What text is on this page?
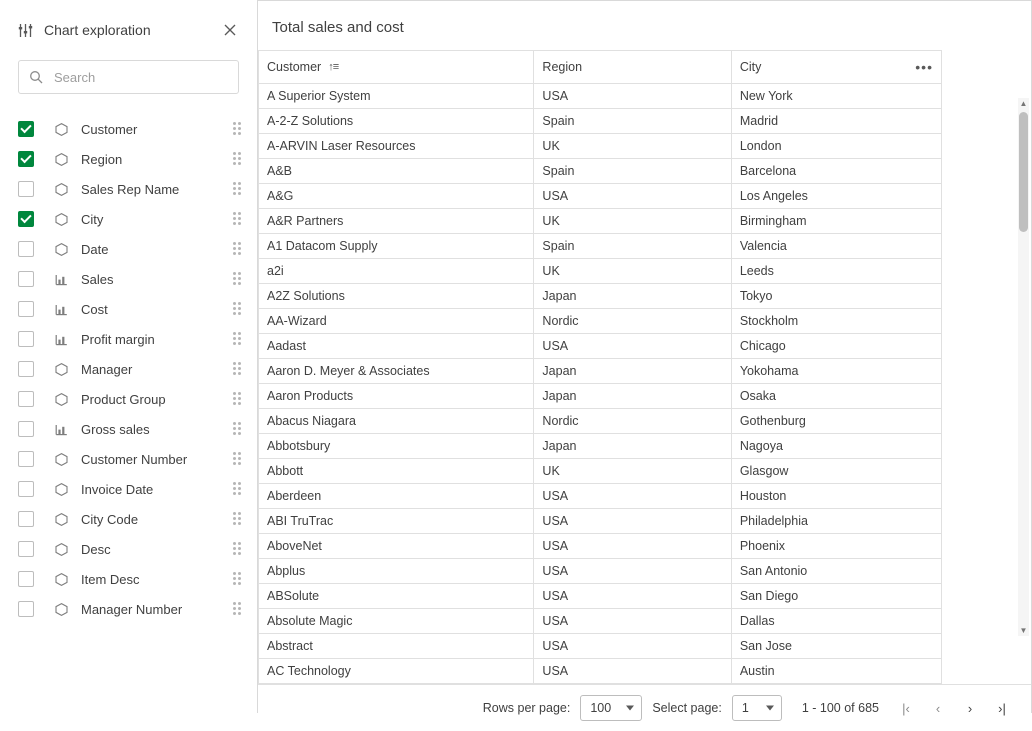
Chart exploration
Search
Customer
Region
Sales Rep Name
City
Date
Sales
Cost
Profit margin
Manager
Product Group
Gross sales
Customer Number
Invoice Date
City Code
Desc
Item Desc
Manager Number
Total sales and cost
Customer ↑≡	Region	City •••

A Superior System	USA	New York
A-2-Z Solutions	Spain	Madrid
A-ARVIN Laser Resources	UK	London
A&B	Spain	Barcelona
A&G	USA	Los Angeles
A&R Partners	UK	Birmingham
A1 Datacom Supply	Spain	Valencia
a2i	UK	Leeds
A2Z Solutions	Japan	Tokyo
AA-Wizard	Nordic	Stockholm
Aadast	USA	Chicago
Aaron D. Meyer & Associates	Japan	Yokohama
Aaron Products	Japan	Osaka
Abacus Niagara	Nordic	Gothenburg
Abbotsbury	Japan	Nagoya
Abbott	UK	Glasgow
Aberdeen	USA	Houston
ABI TruTrac	USA	Philadelphia
AboveNet	USA	Phoenix
Abplus	USA	San Antonio
ABSolute	USA	San Diego
Absolute Magic	USA	Dallas
Abstract	USA	San Jose
AC Technology	USA	Austin
▲
▼
Rows per page: 100	Select page: 1	1 - 100 of 685	|‹	‹	›	›|
